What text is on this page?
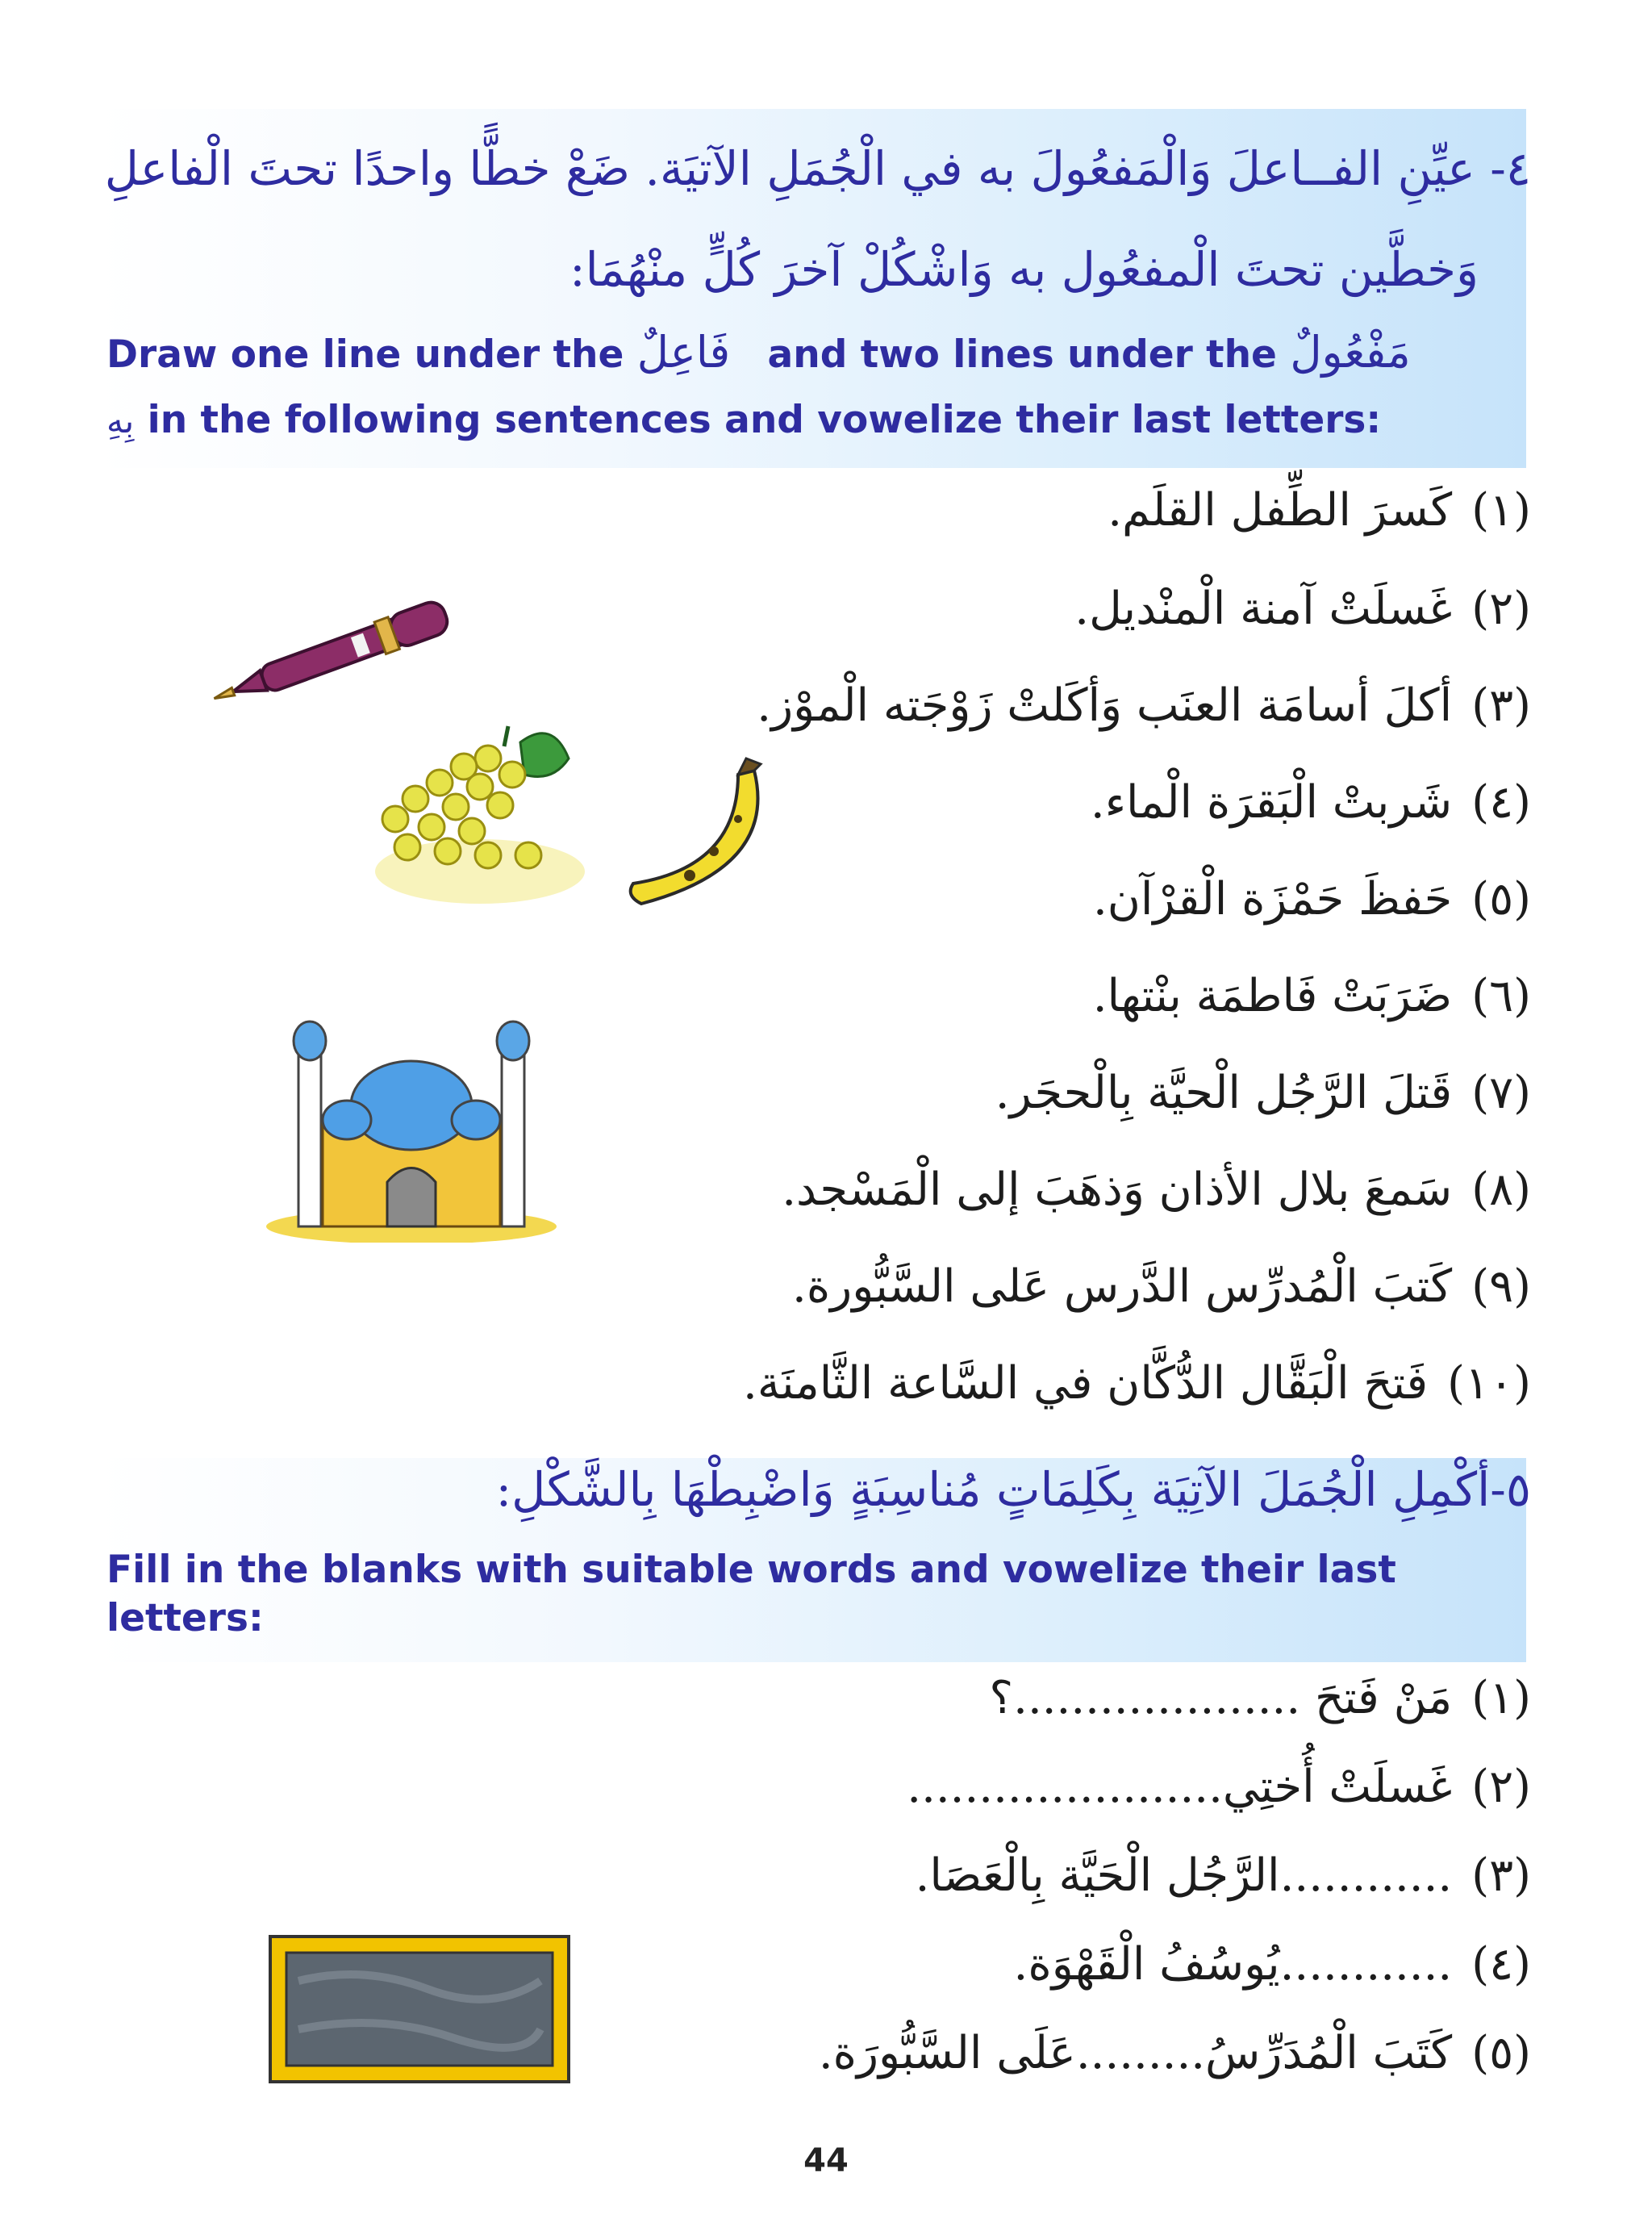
٤- عيِّنِ الفــاعلَ وَالْمَفعُولَ به في الْجُمَلِ الآتيَة. ضَعْ خطًّا واحدًا تحتَ الْفاعلِ
وَخطَّين تحتَ الْمفعُول به وَاشْكُلْ آخرَ كُلٍّ منْهُمَا:
Draw one line under the فَاعِلٌ and two lines under the مَفْعُولٌ
بِهِ in the following sentences and vowelize their last letters:
(١)كَسرَ الطِّفل القلَم.
(٢)غَسلَتْ آمنة الْمنْديل.
(٣)أكلَ أسامَة العنَب وَأكَلتْ زَوْجَته الْموْز.
(٤)شَربتْ الْبَقرَة الْماء.
(٥)حَفظَ حَمْزَة الْقرْآن.
(٦)ضَرَبَتْ فَاطمَة بنْتها.
(٧)قَتلَ الرَّجُل الْحيَّة بِالْحجَر.
(٨)سَمعَ بلال الأذان وَذهَبَ إلى الْمَسْجد.
(٩)كَتبَ الْمُدرِّس الدَّرس عَلى السَّبُّورة.
(١٠)فَتحَ الْبَقَّال الدُّكَّان في السَّاعة الثَّامنَة.
٥-أكْمِلِ الْجُمَلَ الآتِيَة بِكَلِمَاتٍ مُناسِبَةٍ وَاضْبِطْهَا بِالشَّكْلِ:
Fill in the blanks with suitable words and vowelize their last
letters:
(١)مَنْ فَتحَ ....................؟
(٢)غَسلَتْ أُختِي......................
(٣)............الرَّجُل الْحَيَّة بِالْعَصَا.
(٤)............يُوسُفُ الْقَهْوَة.
(٥)كَتَبَ الْمُدَرِّسُ.........عَلَى السَّبُّورَة.
44
